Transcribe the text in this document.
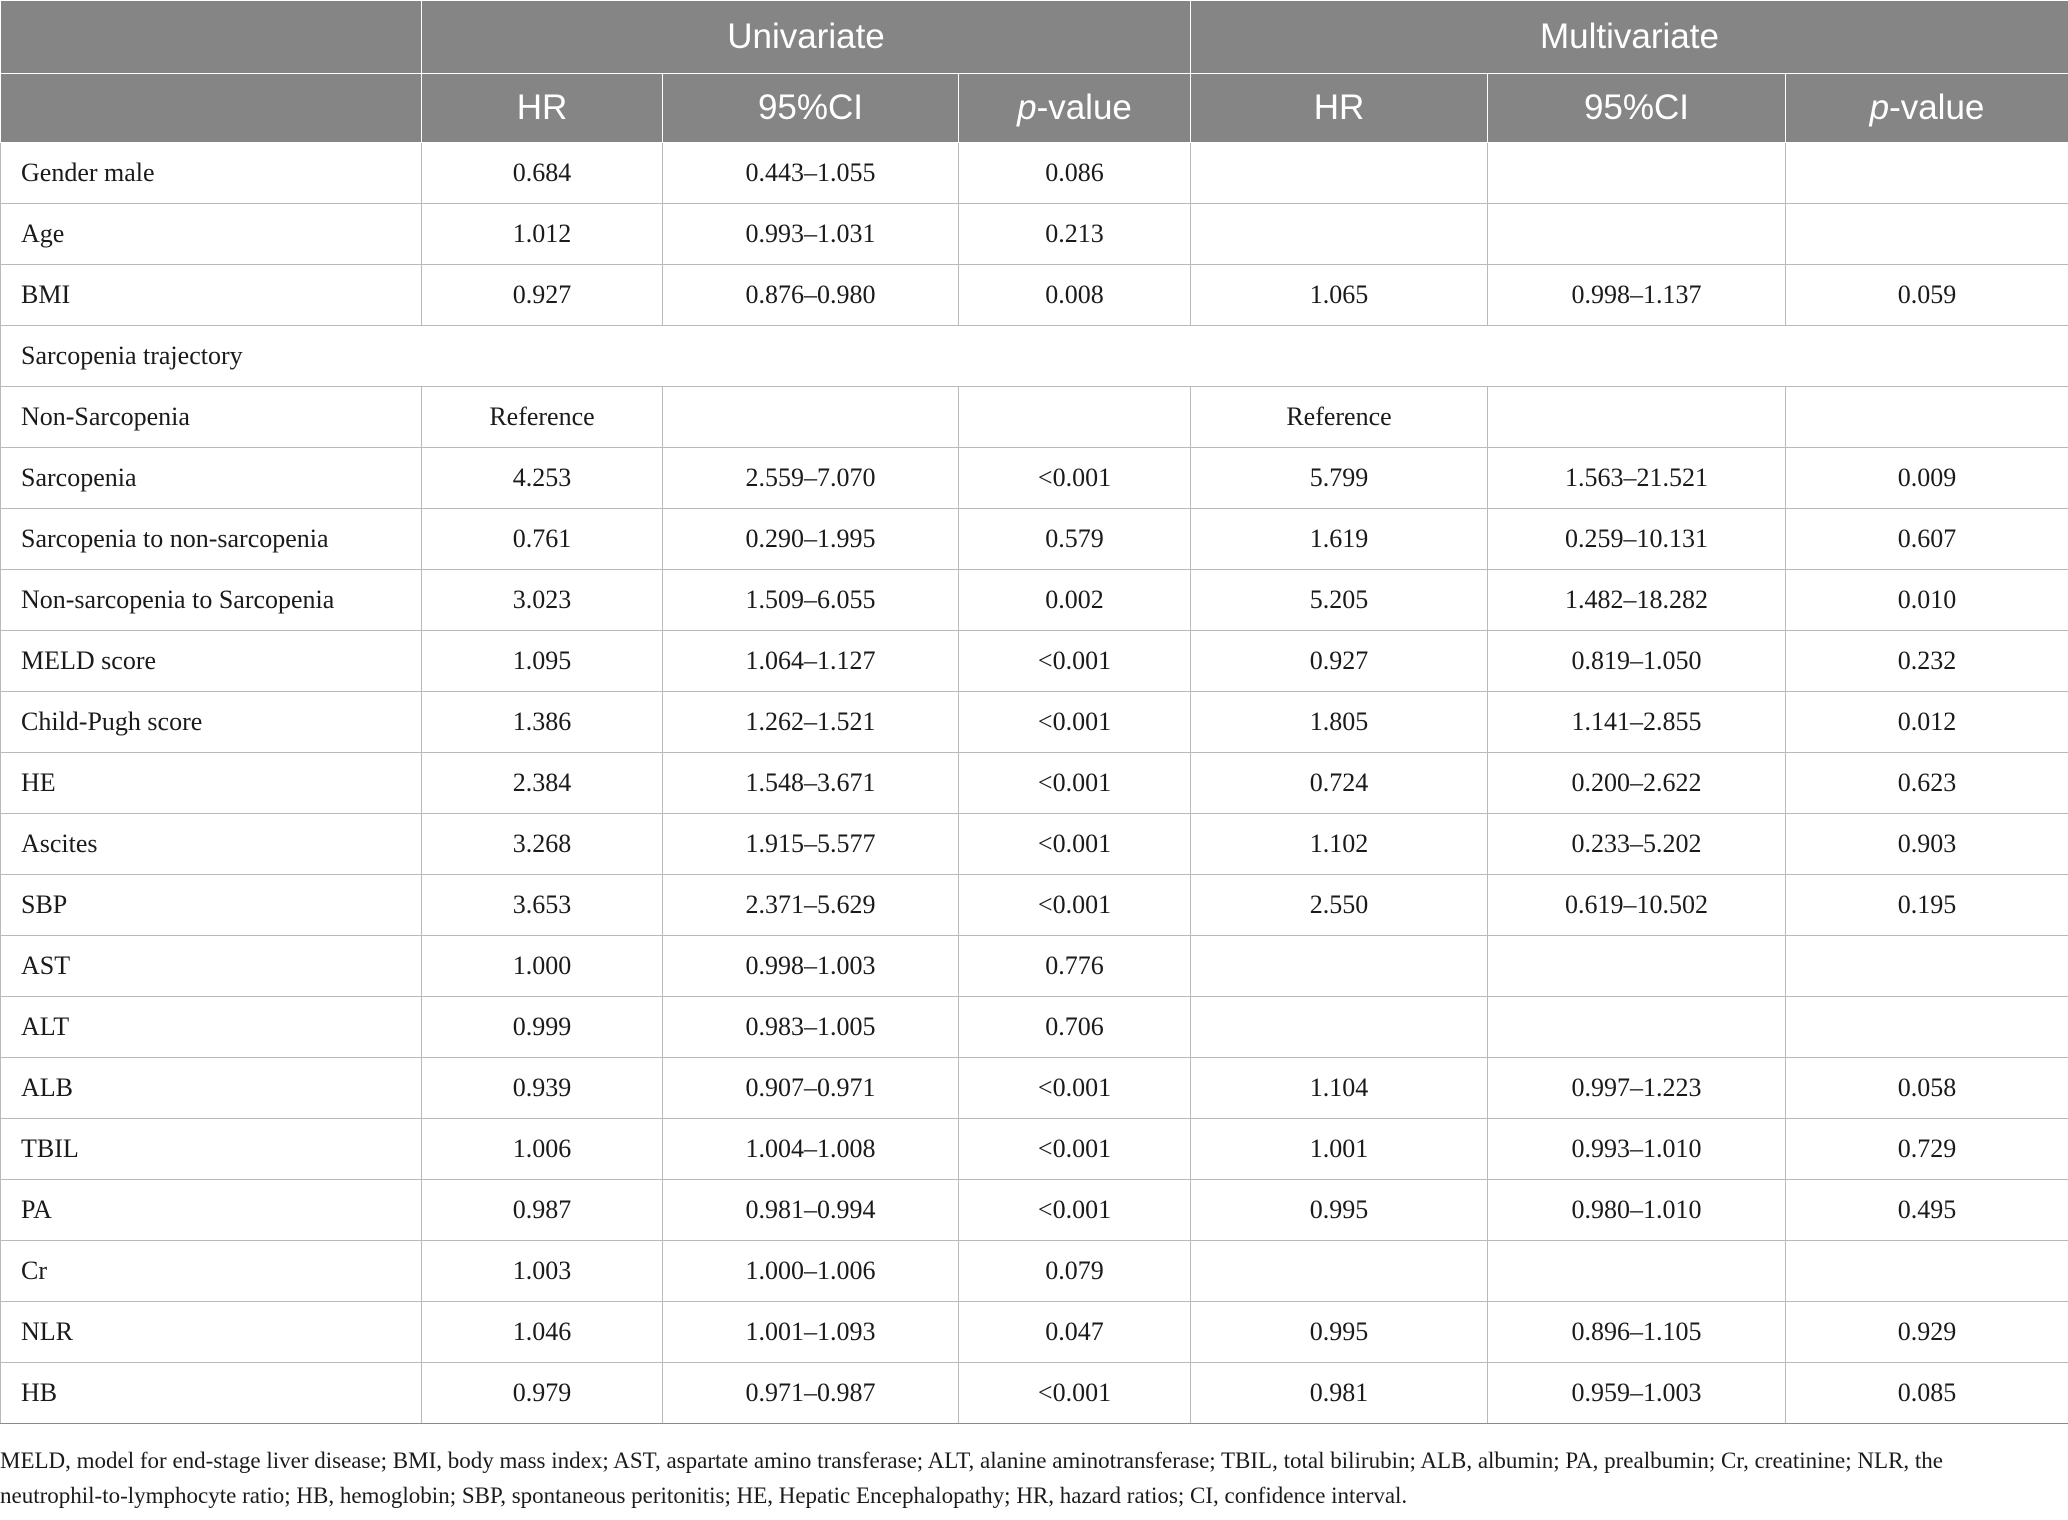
	Univariate			Multivariate		
	HR	95%CI	p-value	HR	95%CI	p-value
Gender male	0.684	0.443–1.055	0.086			
Age	1.012	0.993–1.031	0.213			
BMI	0.927	0.876–0.980	0.008	1.065	0.998–1.137	0.059
Sarcopenia trajectory						
Non-Sarcopenia	Reference			Reference		
Sarcopenia	4.253	2.559–7.070	<0.001	5.799	1.563–21.521	0.009
Sarcopenia to non-sarcopenia	0.761	0.290–1.995	0.579	1.619	0.259–10.131	0.607
Non-sarcopenia to Sarcopenia	3.023	1.509–6.055	0.002	5.205	1.482–18.282	0.010
MELD score	1.095	1.064–1.127	<0.001	0.927	0.819–1.050	0.232
Child-Pugh score	1.386	1.262–1.521	<0.001	1.805	1.141–2.855	0.012
HE	2.384	1.548–3.671	<0.001	0.724	0.200–2.622	0.623
Ascites	3.268	1.915–5.577	<0.001	1.102	0.233–5.202	0.903
SBP	3.653	2.371–5.629	<0.001	2.550	0.619–10.502	0.195
AST	1.000	0.998–1.003	0.776			
ALT	0.999	0.983–1.005	0.706			
ALB	0.939	0.907–0.971	<0.001	1.104	0.997–1.223	0.058
TBIL	1.006	1.004–1.008	<0.001	1.001	0.993–1.010	0.729
PA	0.987	0.981–0.994	<0.001	0.995	0.980–1.010	0.495
Cr	1.003	1.000–1.006	0.079			
NLR	1.046	1.001–1.093	0.047	0.995	0.896–1.105	0.929
HB	0.979	0.971–0.987	<0.001	0.981	0.959–1.003	0.085

MELD, model for end-stage liver disease; BMI, body mass index; AST, aspartate amino transferase; ALT, alanine aminotransferase; TBIL, total bilirubin; ALB, albumin; PA, prealbumin; Cr, creatinine; NLR, the neutrophil-to-lymphocyte ratio; HB, hemoglobin; SBP, spontaneous peritonitis; HE, Hepatic Encephalopathy; HR, hazard ratios; CI, confidence interval.
